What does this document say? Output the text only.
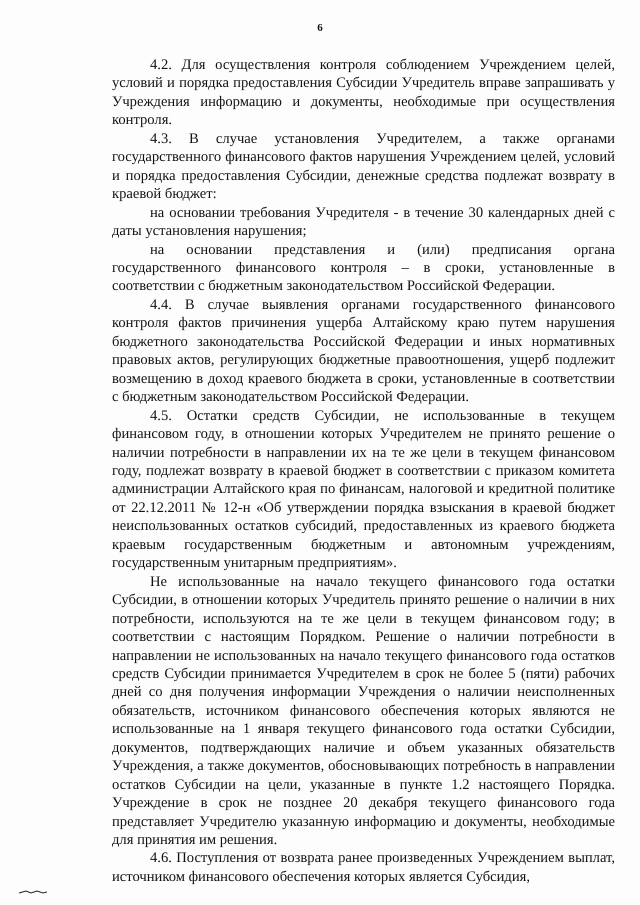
6

4.2. Для осуществления контроля соблюдением Учреждением целей, условий и порядка предоставления Субсидии Учредитель вправе запрашивать у Учреждения информацию и документы, необходимые при осуществления контроля.

4.3. В случае установления Учредителем, а также органами государственного финансового фактов нарушения Учреждением целей, условий и порядка предоставления Субсидии, денежные средства подлежат возврату в краевой бюджет:

на основании требования Учредителя - в течение 30 календарных дней с даты установления нарушения;

на основании представления и (или) предписания органа государственного финансового контроля – в сроки, установленные в соответствии с бюджетным законодательством Российской Федерации.

4.4. В случае выявления органами государственного финансового контроля фактов причинения ущерба Алтайскому краю путем нарушения бюджетного законодательства Российской Федерации и иных нормативных правовых актов, регулирующих бюджетные правоотношения, ущерб подлежит возмещению в доход краевого бюджета в сроки, установленные в соответствии с бюджетным законодательством Российской Федерации.

4.5. Остатки средств Субсидии, не использованные в текущем финансовом году, в отношении которых Учредителем не принято решение о наличии потребности в направлении их на те же цели в текущем финансовом году, подлежат возврату в краевой бюджет в соответствии с приказом комитета администрации Алтайского края по финансам, налоговой и кредитной политике от 22.12.2011 № 12-н «Об утверждении порядка взыскания в краевой бюджет неиспользованных остатков субсидий, предоставленных из краевого бюджета краевым государственным бюджетным и автономным учреждениям, государственным унитарным предприятиям».

Не использованные на начало текущего финансового года остатки Субсидии, в отношении которых Учредитель принято решение о наличии в них потребности, используются на те же цели в текущем финансовом году; в соответствии с настоящим Порядком. Решение о наличии потребности в направлении не использованных на начало текущего финансового года остатков средств Субсидии принимается Учредителем в срок не более 5 (пяти) рабочих дней со дня получения информации Учреждения о наличии неисполненных обязательств, источником финансового обеспечения которых являются не использованные на 1 января текущего финансового года остатки Субсидии, документов, подтверждающих наличие и объем указанных обязательств Учреждения, а также документов, обосновывающих потребность в направлении остатков Субсидии на цели, указанные в пункте 1.2 настоящего Порядка. Учреждение в срок не позднее 20 декабря текущего финансового года представляет Учредителю указанную информацию и документы, необходимые для принятия им решения.

4.6. Поступления от возврата ранее произведенных Учреждением выплат, источником финансового обеспечения которых является Субсидия,
